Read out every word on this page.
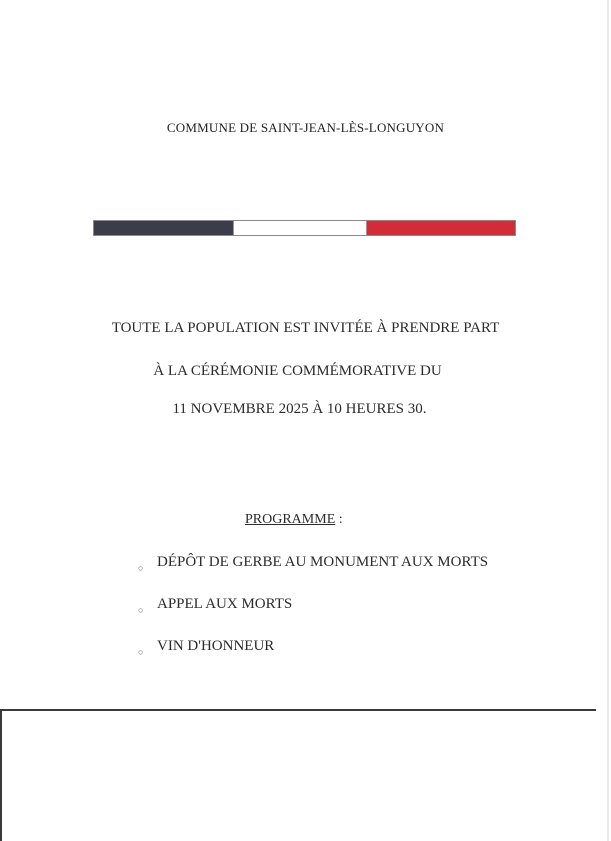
COMMUNE DE SAINT-JEAN-LÈS-LONGUYON
TOUTE LA POPULATION EST INVITÉE À PRENDRE PART
À LA CÉRÉMONIE COMMÉMORATIVE DU
11 NOVEMBRE 2025 À 10 HEURES 30.
PROGRAMME :
○ DÉPÔT DE GERBE AU MONUMENT AUX MORTS
○ APPEL AUX MORTS
○ VIN D'HONNEUR
